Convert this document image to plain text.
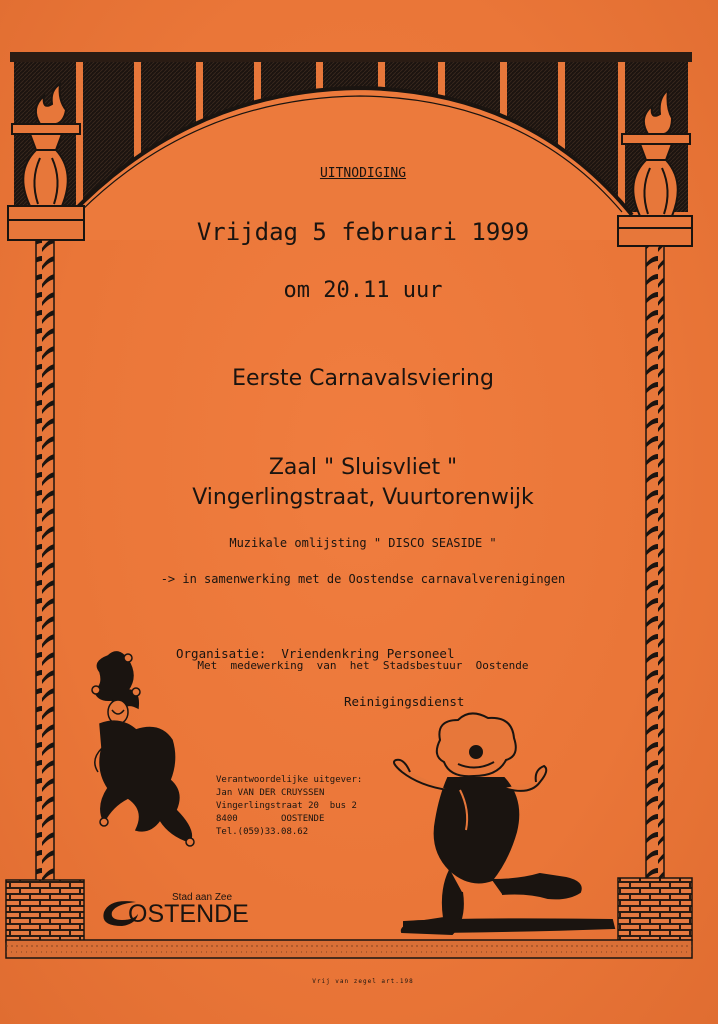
UITNODIGING

Vrijdag 5 februari 1999

om 20.11 uur

Eerste Carnavalsviering

Zaal " Sluisvliet "
Vingerlingstraat, Vuurtorenwijk

Muzikale omlijsting " DISCO SEASIDE "

-> in samenwerking met de Oostendse carnavalverenigingen

Organisatie: Vriendenkring Personeel

Reinigingsdienst

Met  medewerking  van  het  Stadsbestuur  Oostende

Verantwoordelijke uitgever:
Jan VAN DER CRUYSSEN
Vingerlingstraat 20  bus 2
8400        OOSTENDE
Tel.(059)33.08.62

Stad aan Zee

OSTENDE

Vrij van zegel art.198
